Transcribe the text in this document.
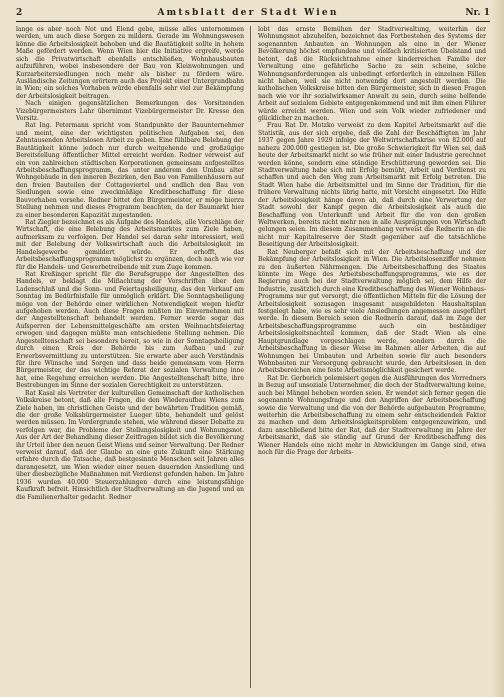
2	Amtsblatt der Stadt Wien	Nr. 1

lange es aber noch Not und Elend gebe, müsse alles unternommen werden, um auch diese Sorgen zu mildern. Gerade im Wohnungswesen könne die Arbeitslosigkeit behoben und die Bautätigkeit sollte in hohem Maße gefördert werden. Wenn Wien hier die Initiative ergreife, werde sich die Privatwirtschaft ebenfalls entschließen, Wohnhausbauten aufzuführen, wobei insbesondere der Bau von Kleinwohnungen und Kurzarbeitersiedlungen noch mehr als bisher zu fördern wäre. Ausländische Zeitungen erörtern auch das Projekt einer Untergrundbahn in Wien; ein solches Vorhaben würde ebenfalls sehr viel zur Bekämpfung der Arbeitslosigkeit beitragen.

Nach einigen gegensätzlichen Bemerkungen des Vorsitzenden Vizebürgermeisters Lahr übernimmt Vizebürgermeister Dr. Kresse den Vorsitz.

Rat Ing. Petermann spricht vom Standpunkte der Bauunternehmer und meint, eine der wichtigsten politischen Aufgaben sei, den Zehntausenden Arbeitslosen Arbeit zu geben. Eine fühlbare Belebung der Bautätigkeit könne jedoch nur durch weitgehende und großzügige Bereitstellung öffentlicher Mittel erreicht werden. Redner verweist auf ein von zahlreichen städtischen Korporationen gemeinsam aufgestelltes Arbeitsbeschaffungsprogramm, das unter anderem den Umbau alter Wohngebäude in den inneren Bezirken, den Bau von Familienhäusern auf den freien Bauteilen der Cottageviertel und endlich den Bau von Siedlungen sowie eine zweckmäßige Kreditbeschaffung für diese Bauvorhaben vorsehe. Redner bittet den Bürgermeister, er möge hierzu Stellung nehmen und dieses Programm beachten, da der Baumarkt hier zu einer besonderen Kapazität zugestanden.

Rat Ziegler bezeichnet es als Aufgabe des Handels, alle Vorschläge der Wirtschaft, die eine Belebung des Arbeitsmarktes zum Ziele haben, aufmerksam zu verfolgen. Der Handel sei daran sehr interessiert, weil mit der Belebung der Volkswirtschaft auch die Arbeitslosigkeit im Handelsgewerbe gemildert würde. Er erhofft, das Arbeitsbeschaffungsprogramm möglichst zu ergänzen, doch nach wie vor für die Handels- und Gewerbetreibende mit zum Zuge kommen.

Rat Kreßinger spricht für die Berufsgruppe der Angestellten des Handels, er beklagt die Mißachtung der Vorschriften über den Ladenschluß und die Sonn- und Feiertagsheiligung, das den Verkauf am Sonntag im Bedürfnisfalle für unmöglich erklärt. Die Sonntagsheiligung möge von der Behörde einer wirklichen Notwendigkeit wegen hiefür aufgehoben werden. Auch diese Fragen müßten im Einvernehmen mit der Angestelltenschaft behandelt werden. Ferner werde sogar das Aufsperren der Lebensmittelgeschäfte am ersten Weihnachtsfeiertag erwogen und dagegen müßte man entschiedene Stellung nehmen. Die Angestelltenschaft sei besonders bereit, so wie in der Sonntagsheiligung durch einen Kreis der Behörde bis zum Aufbau und zur Erwerbsvermittlung zu unterstützen. Sie erwarte aber auch Verständnis für ihre Wünsche und Sorgen und dass beide gemeinsam vom Herrn Bürgermeister, der das wichtige Referat der sozialen Verwaltung inne hat, eine Regelung erreichen werden. Die Angestelltenschaft bitte, ihre Bestrebungen im Sinne der sozialen Gerechtigkeit zu unterstützen.

Rat Kasal als Vertreter der kulturellen Gemeinschaft der katholischen Volkskreise betont, daß alle Fragen, die den Wiederaufbau Wiens zum Ziele haben, im christlichen Geiste und der bewährten Tradition gemäß, die der große Volksbürgermeister Lueger übte, behandelt und gelöst werden müssen. Im Vordergrunde stehen, wie während dieser Debatte zu verfolgen war, die Probleme der Stellungslosigkeit und Wohnungsnot. Aus der Art der Behandlung dieser Zeitfragen bildet sich die Bevölkerung ihr Urteil über den neuen Geist Wiens und seiner Verwaltung. Der Redner verweist darauf, daß der Glaube an eine gute Zukunft eine Stärkung erfahre durch die Tatsache, daß bestgesinnte Menschen seit Jahren alles darangesetzt, um Wien wieder einer neuen dauernden Ansiedlung und über diesbezügliche Maßnahmen mit Verdienst gefunden haben. Im Jahre 1936 wurden 40.000 Steuerzahlungen durch eine leistungsfähige Kaufkraft befreit. Hinsichtlich der Stadtverwaltung an die Jugend und an die Familienerhalter gedacht. Redner

lobt das ernste Bemühen der Stadtverwaltung, weiterhin der Wohnungsnot abzuhelfen, bezeichnet das Fortbestehen des Systems der sogenannten Anbauten an Wohnungen als eine in der Wiener Bevölkerung höchst empfundene und vielfach kritisierten Übelstand und betont, daß die Rücksichtnahme einer kinderreichen Familie der Verwaltung eine gefährliche Sache zu sein scheine, solche Wohnungsanforderungen als unbedingt erforderlich in einzelnen Fällen nicht haben, weil sie nicht notwendig dort angestellt werden. Die katholischen Volkskreise bitten den Bürgermeister, sich in diesen Fragen nach wie vor ihr sozialwirksamer Anwalt zu sein, durch seine helfende Arbeit auf sozialem Gebiete entgegenkommend und mit ihm einen Führer würde erreicht werden. Wien und sein Volk wieder zufriedener und glücklicher zu machen.

Frau Rat Dr. Motzko verweist zu dem Kapitel Arbeitsmarkt auf die Statistik, aus der sich ergebe, daß die Zahl der Beschäftigten im Jahr 1937 gegen Jahre 1929 infolge der Weltwirtschaftskrise von 82.000 auf nahezu 200.000 gestiegen ist. Die große Schwierigkeit für Wien sei, daß heute der Arbeitsmarkt nicht so wie früher mit einer Industrie gerechnet werden könne, sondern eine ständige Erschütterung geworden sei. Die Stadtverwaltung habe sich mit Erfolg bemüht, Arbeit und Verdienst zu schaffen und auch den Weg zum Arbeitsmarkt mit Erfolg betreten. Die Stadt Wien habe die Arbeitsmittel und im Sinne der Tradition, für die frühere Verwaltung nichts übrig hatte, mit Vorsicht eingesetzt. Die Hilfe der Arbeitslosigkeit hänge davon ab, daß durch eine Verwertung der Stadt sowohl der Kampf gegen die Arbeitslosigkeit als auch die Beschaffung von Unterkunft und Arbeit für die von den großen Weltwerken, bereits nicht mehr neu in alle Ausprägungen von Wirtschaft gelungen seien. Im diesem Zusammenhang verweist die Rednerin an die nicht nur Kapitalreserve der Stadt gegenüber auf die tatsächliche Beseitigung der Arbeitslosigkeit.

Rat Neuberger befaßt sich mit der Arbeitsbeschaffung und der Bekämpfung der Arbeitslosigkeit in Wien. Die Arbeitslosenziffer nehmen zu den äußerten Nährmengen. Die Arbeitsbeschaffung des Staates könnte im Wege des Arbeitsbeschaffungsprogramms, wie es der Regierung auch bei der Stadtverwaltung möglich sei, dem Hilfe der Industrie, zusätzlich durch eine Kreditbeschaffung des Wiener Wohnbaus-Programms nur gut versorgt, die öffentlichen Mitteln für die Lösung der Arbeitslosigkeit sozusagen insgesamt ausgebildeten Haushaltsplan festgelegt habe, wie es sehr viele Ansiedlungen angemessen ausgeführt werde. In diesem Bereich seien die Rednerin darauf, daß im Zuge der Arbeitsbeschaffungsprogramme auch ein beständiger Arbeitslosigkeitsnachteil kommen, daß der Stadt Wien als eine Hauptgrundlage vorgeschlagen werde, sondern durch die Arbeitsbeschaffung in dieser Weise im Rahmen aller Arbeiten, die auf Wohnungen bei Umbauten und Arbeiten sowie für auch besonders Wohnbauten zur Versorgung gebraucht wurde, den Arbeitslosen in den Arbeitsbereichen eine feste Arbeitsmöglichkeit gesichert werde.

Rat Dr. Gerberich polemisiert gegen die Ausführungen des Vorredners in Bezug auf unsoziale Unternehmer, die doch der Stadtverwaltung keine, auch bei Mängel behoben worden seien. Er wendet sich ferner gegen die sogenannte Wohnungsfrage und den Angriffen der Arbeitsbeschaffung sowie die Verwaltung und die von der Behörde aufgebauten Programme, weiterhin die Arbeitsbeschaffung zu einem sehr entscheidenden Faktor zu machen und dem Arbeitslosigkeitsproblem entgegenzuwirken, und dazu anschließend bitte der Rat, daß der Stadtverwaltung im Jahre der Arbeitsmarkt, daß sie ständig auf Grund der Kreditbeschaffung des Wiener Handels eine nicht mehr in Abwicklungen im Gange sind, etwa noch für die Frage der Arbeits-
